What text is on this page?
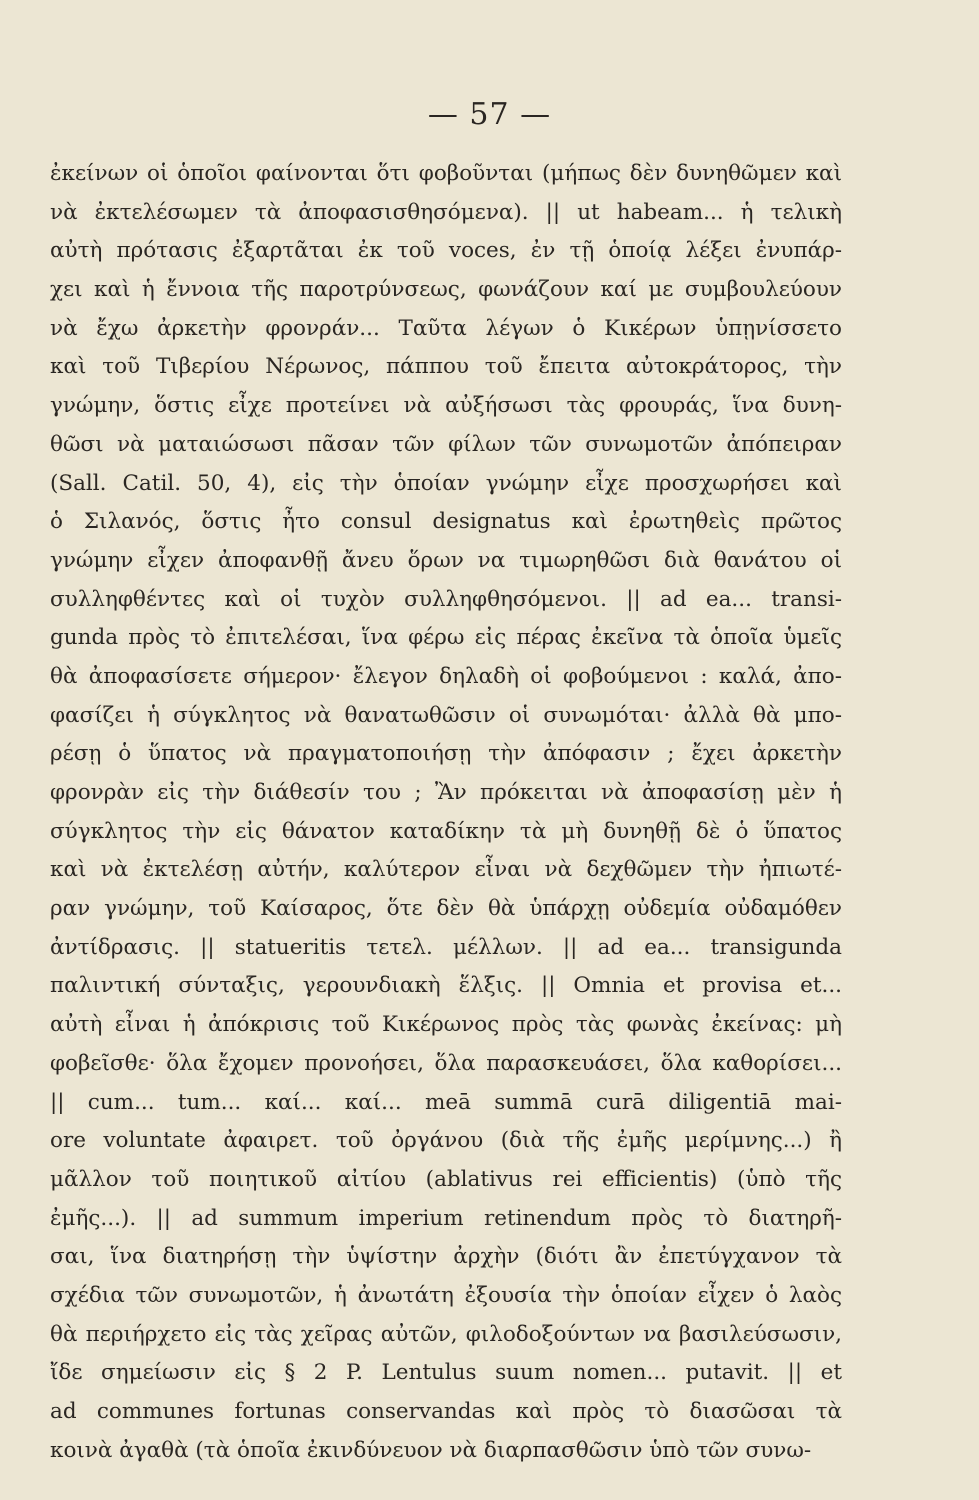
— 57 —
ἐκείνων οἱ ὁποῖοι φαίνονται ὅτι φοβοῦνται (μήπως δὲν δυνηθῶμεν καὶ
νὰ ἐκτελέσωμεν τὰ ἀποφασισθησόμενα). || ut habeam... ἡ τελικὴ
αὐτὴ πρότασις ἐξαρτᾶται ἐκ τοῦ voces, ἐν τῇ ὁποίᾳ λέξει ἐνυπάρ-
χει καὶ ἡ ἔννοια τῆς παροτρύνσεως, φωνάζουν καί με συμβουλεύουν
νὰ ἔχω ἀρκετὴν φρονράν... Ταῦτα λέγων ὁ Κικέρων ὑπῃνίσσετο
καὶ τοῦ Τιβερίου Νέρωνος, πάππου τοῦ ἔπειτα αὐτοκράτορος, τὴν
γνώμην, ὅστις εἶχε προτείνει νὰ αὐξήσωσι τὰς φρουράς, ἵνα δυνη-
θῶσι νὰ ματαιώσωσι πᾶσαν τῶν φίλων τῶν συνωμοτῶν ἀπόπειραν
(Sall. Catil. 50, 4), εἰς τὴν ὁποίαν γνώμην εἶχε προσχωρήσει καὶ
ὁ Σιλανός, ὅστις ἦτο consul designatus καὶ ἐρωτηθεὶς πρῶτος
γνώμην εἶχεν ἀποφανθῇ ἄνευ ὅρων να τιμωρηθῶσι διὰ θανάτου οἱ
συλληφθέντες καὶ οἱ τυχὸν συλληφθησόμενοι. || ad ea... transi-
gunda πρὸς τὸ ἐπιτελέσαι, ἵνα φέρω εἰς πέρας ἐκεῖνα τὰ ὁποῖα ὑμεῖς
θὰ ἀποφασίσετε σήμερον· ἔλεγον δηλαδὴ οἱ φοβούμενοι : καλά, ἀπο-
φασίζει ἡ σύγκλητος νὰ θανατωθῶσιν οἱ συνωμόται· ἀλλὰ θὰ μπο-
ρέσῃ ὁ ὕπατος νὰ πραγματοποιήσῃ τὴν ἀπόφασιν ; ἔχει ἀρκετὴν
φρονρὰν εἰς τὴν διάθεσίν του ; Ἂν πρόκειται νὰ ἀποφασίσῃ μὲν ἡ
σύγκλητος τὴν εἰς θάνατον καταδίκην τὰ μὴ δυνηθῇ δὲ ὁ ὕπατος
καὶ νὰ ἐκτελέσῃ αὐτήν, καλύτερον εἶναι νὰ δεχθῶμεν τὴν ἠπιωτέ-
ραν γνώμην, τοῦ Καίσαρος, ὅτε δὲν θὰ ὑπάρχῃ οὐδεμία οὐδαμόθεν
ἀντίδρασις. || statueritis τετελ. μέλλων. || ad ea... transigunda
παλιντική σύνταξις, γερουνδιακὴ ἕλξις. || Omnia et provisa et...
αὐτὴ εἶναι ἡ ἀπόκρισις τοῦ Κικέρωνος πρὸς τὰς φωνὰς ἐκείνας: μὴ
φοβεῖσθε· ὅλα ἔχομεν προνοήσει, ὅλα παρασκευάσει, ὅλα καθορίσει...
|| cum... tum... καί... καί... meā summā curā diligentiā mai-
ore voluntate ἀφαιρετ. τοῦ ὀργάνου (διὰ τῆς ἐμῆς μερίμνης...) ἢ
μᾶλλον τοῦ ποιητικοῦ αἰτίου (ablativus rei efficientis) (ὑπὸ τῆς
ἐμῆς...). || ad summum imperium retinendum πρὸς τὸ διατηρῆ-
σαι, ἵνα διατηρήσῃ τὴν ὑψίστην ἀρχὴν (διότι ἂν ἐπετύγχανον τὰ
σχέδια τῶν συνωμοτῶν, ἡ ἀνωτάτη ἐξουσία τὴν ὁποίαν εἶχεν ὁ λαὸς
θὰ περιήρχετο εἰς τὰς χεῖρας αὐτῶν, φιλοδοξούντων να βασιλεύσωσιν,
ἴδε σημείωσιν εἰς § 2 P. Lentulus suum nomen... putavit. || et
ad communes fortunas conservandas καὶ πρὸς τὸ διασῶσαι τὰ
κοινὰ ἀγαθὰ (τὰ ὁποῖα ἐκινδύνευον νὰ διαρπασθῶσιν ὑπὸ τῶν συνω-
